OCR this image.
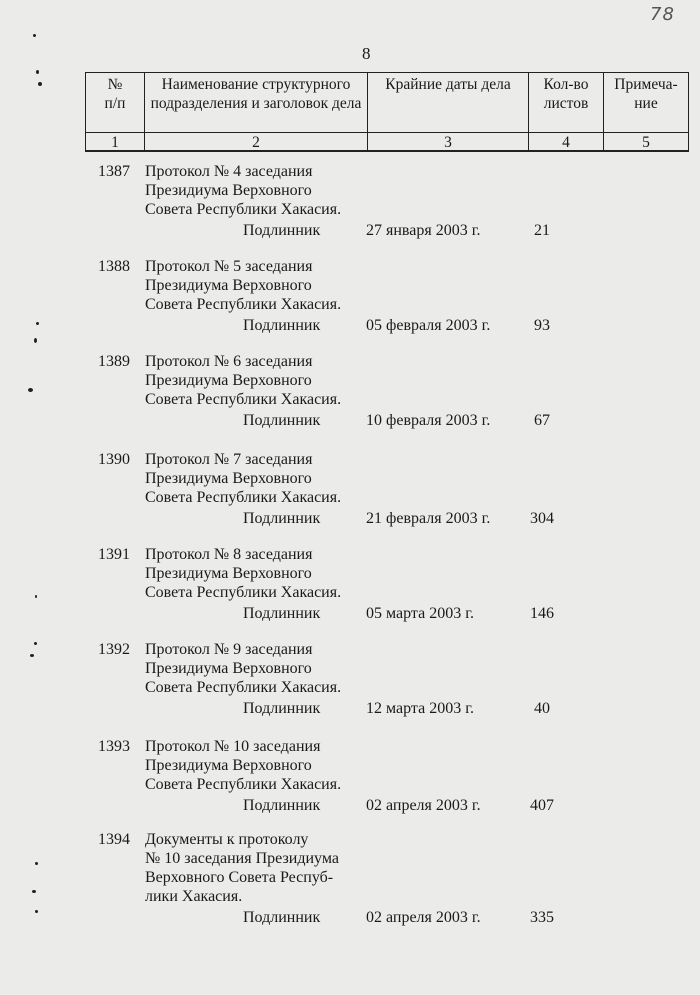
78
8
№
п/п	Наименование структурного подразделения и заголовок дела	Крайние даты дела	Кол-во листов	Примеча-
ние
1	2	3	4	5
1387 Протокол № 4 заседания
Президиума Верховного
Совета Республики Хакасия.
Подлинник	27 января 2003 г.	21
1388 Протокол № 5 заседания
Президиума Верховного
Совета Республики Хакасия.
Подлинник	05 февраля 2003 г.	93
1389 Протокол № 6 заседания
Президиума Верховного
Совета Республики Хакасия.
Подлинник	10 февраля 2003 г.	67
1390 Протокол № 7 заседания
Президиума Верховного
Совета Республики Хакасия.
Подлинник	21 февраля 2003 г.	304
1391 Протокол № 8 заседания
Президиума Верховного
Совета Республики Хакасия.
Подлинник	05 марта 2003 г.	146
1392 Протокол № 9 заседания
Президиума Верховного
Совета Республики Хакасия.
Подлинник	12 марта 2003 г.	40
1393 Протокол № 10 заседания
Президиума Верховного
Совета Республики Хакасия.
Подлинник	02 апреля 2003 г.	407
1394 Документы к протоколу
№ 10 заседания Президиума
Верховного Совета Респуб-
лики Хакасия.
Подлинник	02 апреля 2003 г.	335
